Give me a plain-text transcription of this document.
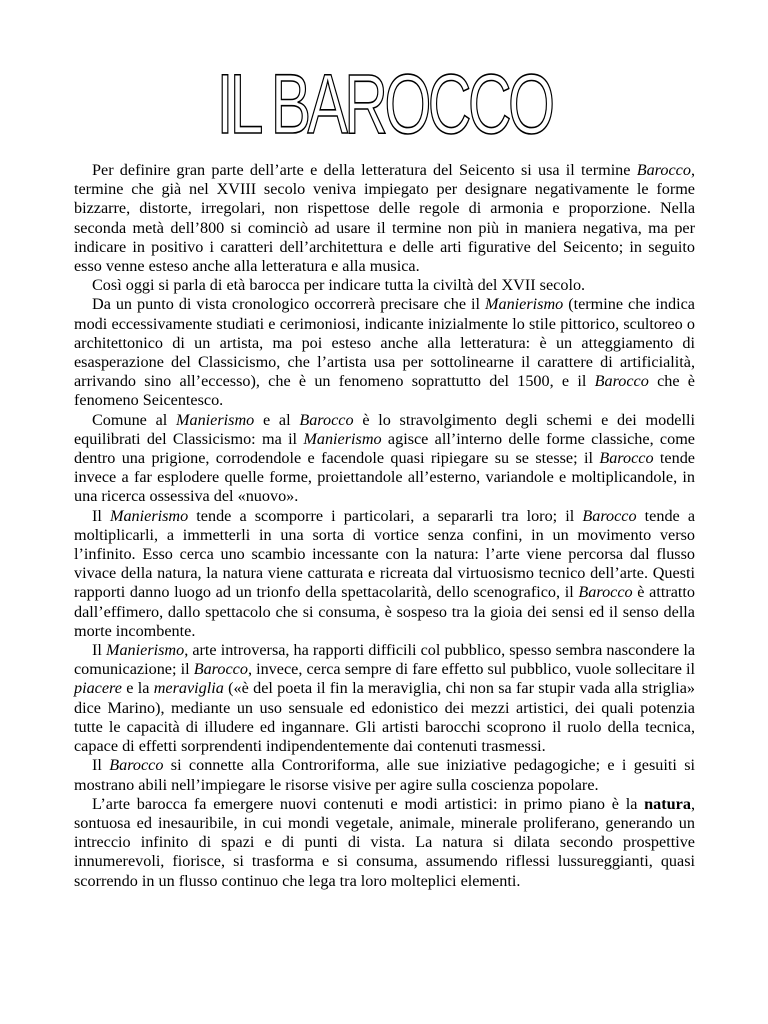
IL BAROCCO

Per definire gran parte dell’arte e della letteratura del Seicento si usa il termine Barocco, termine che già nel XVIII secolo veniva impiegato per designare negativamente le forme bizzarre, distorte, irregolari, non rispettose delle regole di armonia e proporzione. Nella seconda metà dell’800 si cominciò ad usare il termine non più in maniera negativa, ma per indicare in positivo i caratteri dell’architettura e delle arti figurative del Seicento; in seguito esso venne esteso anche alla letteratura e alla musica.

Così oggi si parla di età barocca per indicare tutta la civiltà del XVII secolo.

Da un punto di vista cronologico occorrerà precisare che il Manierismo (termine che indica modi eccessivamente studiati e cerimoniosi, indicante inizialmente lo stile pittorico, scultoreo o architettonico di un artista, ma poi esteso anche alla letteratura: è un atteggiamento di esasperazione del Classicismo, che l’artista usa per sottolinearne il carattere di artificialità, arrivando sino all’eccesso), che è un fenomeno soprattutto del 1500, e il Barocco che è fenomeno Seicentesco.

Comune al Manierismo e al Barocco è lo stravolgimento degli schemi e dei modelli equilibrati del Classicismo: ma il Manierismo agisce all’interno delle forme classiche, come dentro una prigione, corrodendole e facendole quasi ripiegare su se stesse; il Barocco tende invece a far esplodere quelle forme, proiettandole all’esterno, variandole e moltiplicandole, in una ricerca ossessiva del «nuovo».

Il Manierismo tende a scomporre i particolari, a separarli tra loro; il Barocco tende a moltiplicarli, a immetterli in una sorta di vortice senza confini, in un movimento verso l’infinito. Esso cerca uno scambio incessante con la natura: l’arte viene percorsa dal flusso vivace della natura, la natura viene catturata e ricreata dal virtuosismo tecnico dell’arte. Questi rapporti danno luogo ad un trionfo della spettacolarità, dello scenografico, il Barocco è attratto dall’effimero, dallo spettacolo che si consuma, è sospeso tra la gioia dei sensi ed il senso della morte incombente.

Il Manierismo, arte introversa, ha rapporti difficili col pubblico, spesso sembra nascondere la comunicazione; il Barocco, invece, cerca sempre di fare effetto sul pubblico, vuole sollecitare il piacere e la meraviglia («è del poeta il fin la meraviglia, chi non sa far stupir vada alla striglia» dice Marino), mediante un uso sensuale ed edonistico dei mezzi artistici, dei quali potenzia tutte le capacità di illudere ed ingannare. Gli artisti barocchi scoprono il ruolo della tecnica, capace di effetti sorprendenti indipendentemente dai contenuti trasmessi.

Il Barocco si connette alla Controriforma, alle sue iniziative pedagogiche; e i gesuiti si mostrano abili nell’impiegare le risorse visive per agire sulla coscienza popolare.

L’arte barocca fa emergere nuovi contenuti e modi artistici: in primo piano è la natura, sontuosa ed inesauribile, in cui mondi vegetale, animale, minerale proliferano, generando un intreccio infinito di spazi e di punti di vista. La natura si dilata secondo prospettive innumerevoli, fiorisce, si trasforma e si consuma, assumendo riflessi lussureggianti, quasi scorrendo in un flusso continuo che lega tra loro molteplici elementi.
